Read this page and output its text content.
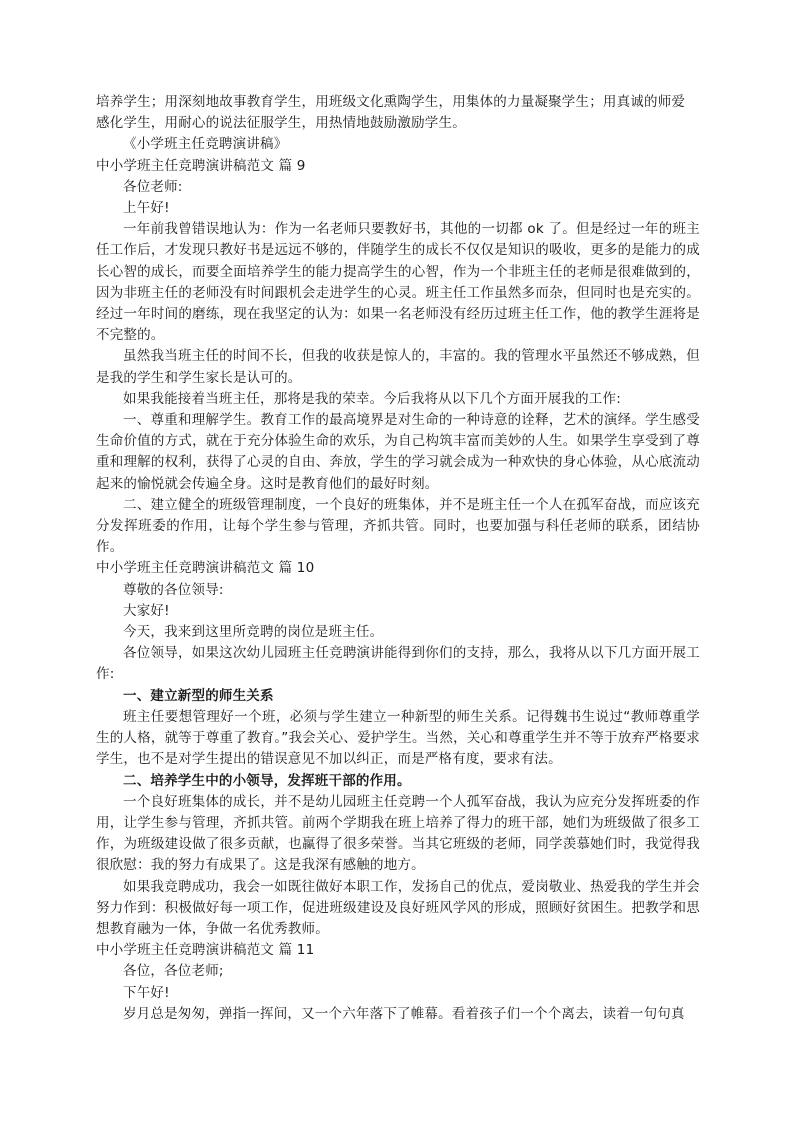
培养学生；用深刻地故事教育学生，用班级文化熏陶学生，用集体的力量凝聚学生；用真诚的师爱

感化学生，用耐心的说法征服学生，用热情地鼓励激励学生。

《小学班主任竞聘演讲稿》

中小学班主任竞聘演讲稿范文 篇 9

各位老师:

上午好!

一年前我曾错误地认为：作为一名老师只要教好书，其他的一切都 ok 了。但是经过一年的班主任工作后，才发现只教好书是远远不够的，伴随学生的成长不仅仅是知识的吸收，更多的是能力的成长心智的成长，而要全面培养学生的能力提高学生的心智，作为一个非班主任的老师是很难做到的，因为非班主任的老师没有时间跟机会走进学生的心灵。班主任工作虽然多而杂，但同时也是充实的。经过一年时间的磨练，现在我坚定的认为：如果一名老师没有经历过班主任工作，他的教学生涯将是不完整的。

虽然我当班主任的时间不长，但我的收获是惊人的，丰富的。我的管理水平虽然还不够成熟，但是我的学生和学生家长是认可的。

如果我能接着当班主任，那将是我的荣幸。今后我将从以下几个方面开展我的工作:

一、尊重和理解学生。教育工作的最高境界是对生命的一种诗意的诠释，艺术的演绎。学生感受生命价值的方式，就在于充分体验生命的欢乐，为自己构筑丰富而美妙的人生。如果学生享受到了尊重和理解的权利，获得了心灵的自由、奔放，学生的学习就会成为一种欢快的身心体验，从心底流动起来的愉悦就会传遍全身。这时是教育他们的最好时刻。

二、建立健全的班级管理制度，一个良好的班集体，并不是班主任一个人在孤军奋战，而应该充分发挥班委的作用，让每个学生参与管理，齐抓共管。同时，也要加强与科任老师的联系，团结协作。

中小学班主任竞聘演讲稿范文 篇 10

尊敬的各位领导:

大家好!

今天，我来到这里所竞聘的岗位是班主任。

各位领导，如果这次幼儿园班主任竞聘演讲能得到你们的支持，那么，我将从以下几方面开展工作:

一、建立新型的师生关系

班主任要想管理好一个班，必须与学生建立一种新型的师生关系。记得魏书生说过“教师尊重学生的人格，就等于尊重了教育。”我会关心、爱护学生。当然，关心和尊重学生并不等于放弃严格要求学生，也不是对学生提出的错误意见不加以纠正，而是严格有度，要求有法。

二、培养学生中的小领导，发挥班干部的作用。

一个良好班集体的成长，并不是幼儿园班主任竞聘一个人孤军奋战，我认为应充分发挥班委的作用，让学生参与管理，齐抓共管。前两个学期我在班上培养了得力的班干部，她们为班级做了很多工作，为班级建设做了很多贡献，也赢得了很多荣誉。当其它班级的老师，同学羡慕她们时，我觉得我很欣慰：我的努力有成果了。这是我深有感触的地方。

如果我竞聘成功，我会一如既往做好本职工作，发扬自己的优点，爱岗敬业、热爱我的学生并会努力作到：积极做好每一项工作，促进班级建设及良好班风学风的形成，照顾好贫困生。把教学和思想教育融为一体，争做一名优秀教师。

中小学班主任竞聘演讲稿范文 篇 11

各位，各位老师;

下午好!

岁月总是匆匆，弹指一挥间，又一个六年落下了帷幕。看着孩子们一个个离去，读着一句句真
